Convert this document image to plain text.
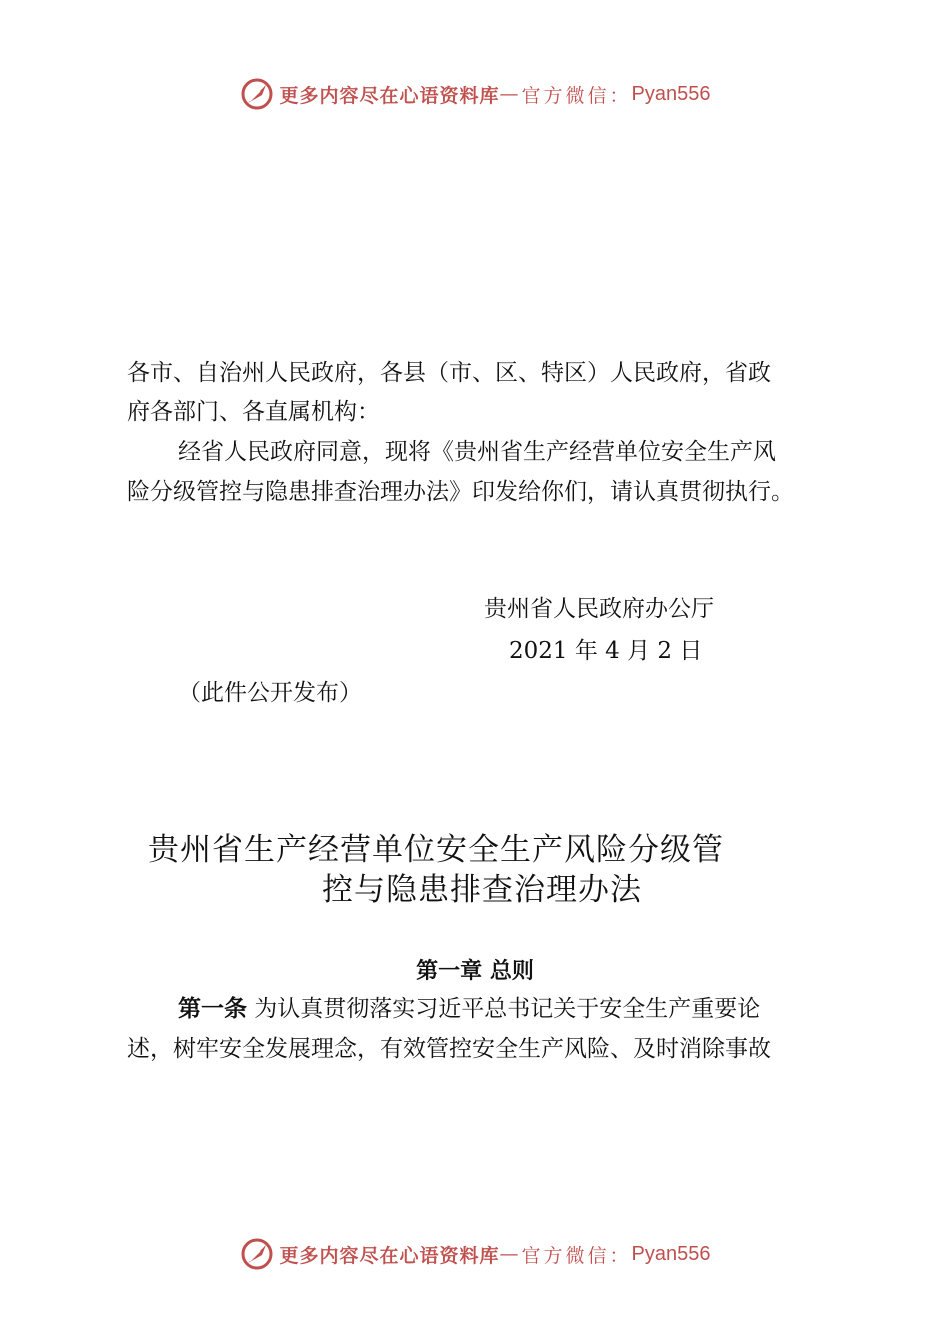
更多内容尽在心语资料库 — 官方微信： Pyan556
各市、自治州人民政府，各县（市、区、特区）人民政府，省政
府各部门、各直属机构：
经省人民政府同意，现将《贵州省生产经营单位安全生产风
险分级管控与隐患排查治理办法》印发给你们，请认真贯彻执行。
贵州省人民政府办公厅
2021 年 4 月 2 日
（此件公开发布）
贵州省生产经营单位安全生产风险分级管
控与隐患排查治理办法
第一章 总则
第一条 为认真贯彻落实习近平总书记关于安全生产重要论
述，树牢安全发展理念，有效管控安全生产风险、及时消除事故
更多内容尽在心语资料库 — 官方微信： Pyan556
